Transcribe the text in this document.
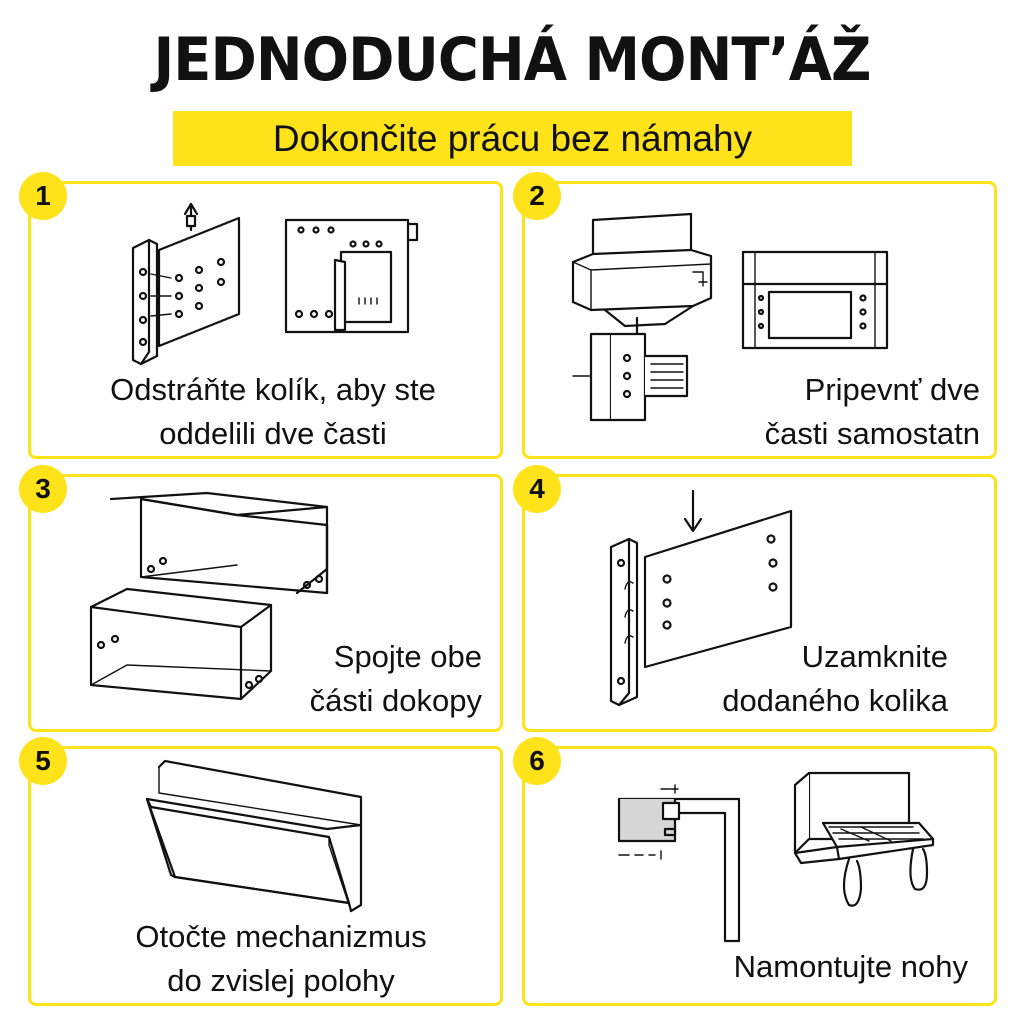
JEDNODUCHÁ MONT’ÁŽ
Dokončite prácu bez námahy
1
Odstráňte kolík, aby ste
oddelili dve časti
2
Pripevnť dve
časti samostatn
3
Spojte obe
části dokopy
4
Uzamknite
dodaného kolika
5
Otočte mechanizmus
do zvislej polohy
6
Namontujte nohy
